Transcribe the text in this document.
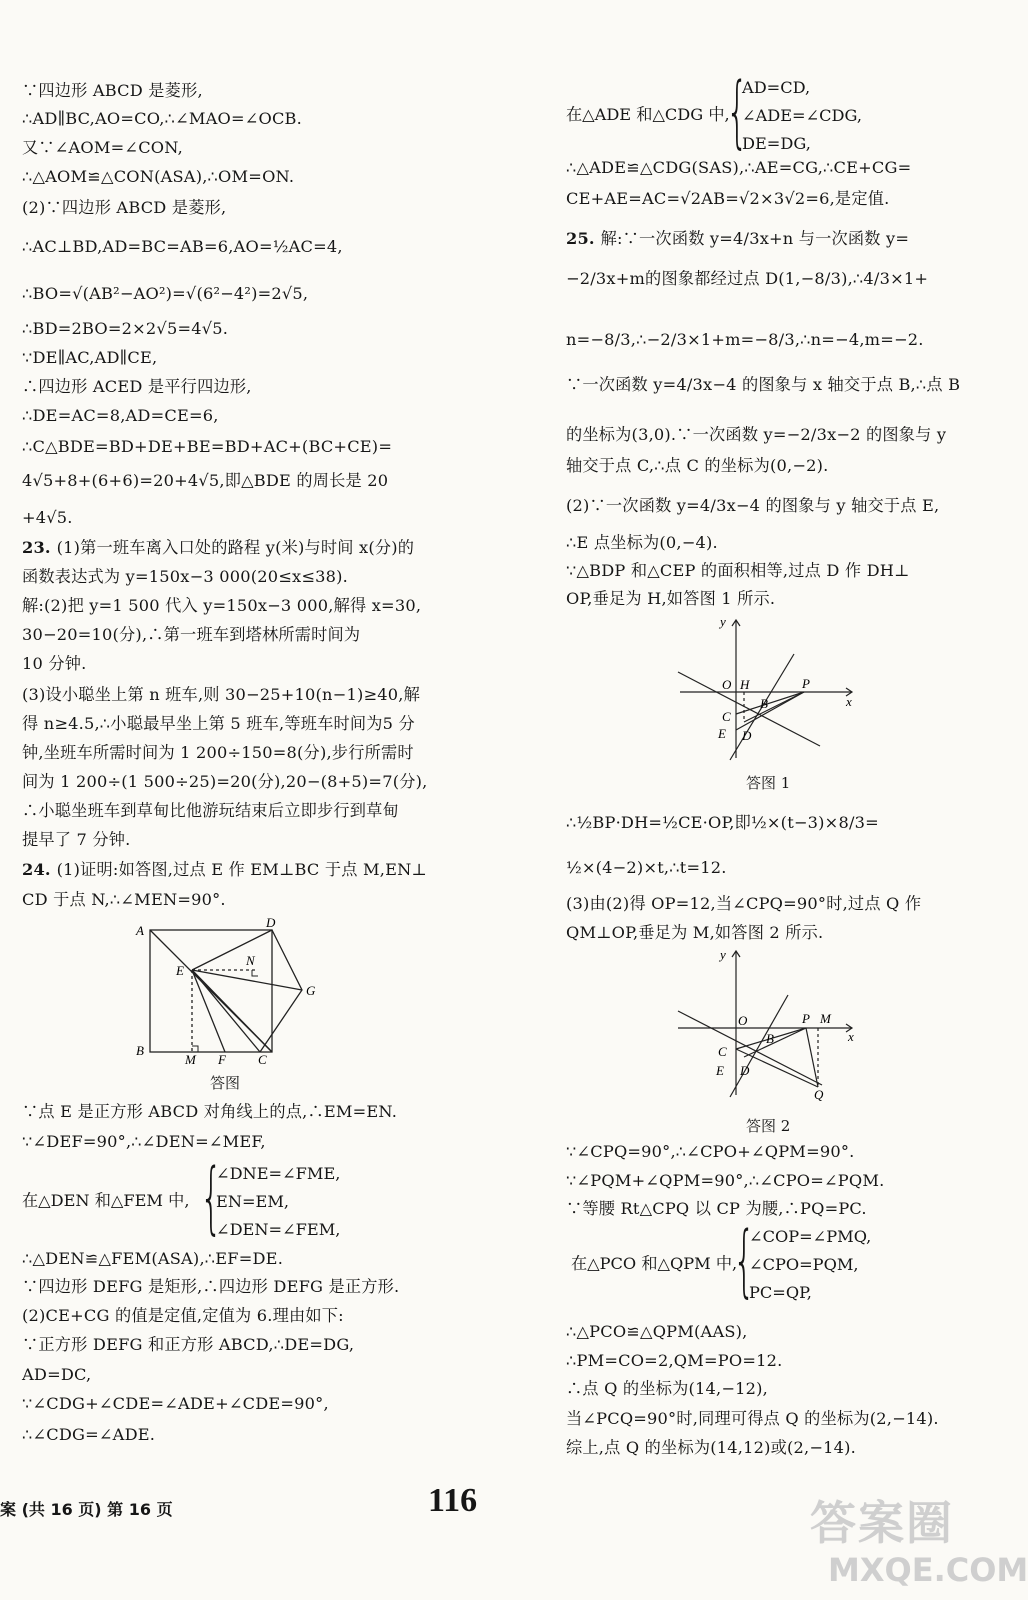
∵四边形 ABCD 是菱形,
∴AD∥BC,AO=CO,∴∠MAO=∠OCB.
又∵∠AOM=∠CON,
∴△AOM≌△CON(ASA),∴OM=ON.
(2)∵四边形 ABCD 是菱形,
∴AC⊥BD,AD=BC=AB=6,AO=½AC=4,
∴BO=√(AB²−AO²)=√(6²−4²)=2√5,
∴BD=2BO=2×2√5=4√5.
∵DE∥AC,AD∥CE,
∴四边形 ACED 是平行四边形,
∴DE=AC=8,AD=CE=6,
∴C△BDE=BD+DE+BE=BD+AC+(BC+CE)=
4√5+8+(6+6)=20+4√5,即△BDE 的周长是 20
+4√5.
23. (1)第一班车离入口处的路程 y(米)与时间 x(分)的
函数表达式为 y=150x−3 000(20≤x≤38).
解:(2)把 y=1 500 代入 y=150x−3 000,解得 x=30,
30−20=10(分),∴第一班车到塔林所需时间为
10 分钟.
(3)设小聪坐上第 n 班车,则 30−25+10(n−1)≥40,解
得 n≥4.5,∴小聪最早坐上第 5 班车,等班车时间为5 分
钟,坐班车所需时间为 1 200÷150=8(分),步行所需时
间为 1 200÷(1 500÷25)=20(分),20−(8+5)=7(分),
∴小聪坐班车到草甸比他游玩结束后立即步行到草甸
提早了 7 分钟.
24. (1)证明:如答图,过点 E 作 EM⊥BC 于点 M,EN⊥
CD 于点 N,∴∠MEN=90°.
∵点 E 是正方形 ABCD 对角线上的点,∴EM=EN.
∵∠DEF=90°,∴∠DEN=∠MEF,
∴△DEN≌△FEM(ASA),∴EF=DE.
∵四边形 DEFG 是矩形,∴四边形 DEFG 是正方形.
(2)CE+CG 的值是定值,定值为 6.理由如下:
∵正方形 DEFG 和正方形 ABCD,∴DE=DG,
AD=DC,
∵∠CDG+∠CDE=∠ADE+∠CDE=90°,
∴∠CDG=∠ADE.
∴△ADE≌△CDG(SAS),∴AE=CG,∴CE+CG=
CE+AE=AC=√2AB=√2×3√2=6,是定值.
25. 解:∵一次函数 y=4/3x+n 与一次函数 y=
−2/3x+m的图象都经过点 D(1,−8/3),∴4/3×1+
n=−8/3,∴−2/3×1+m=−8/3,∴n=−4,m=−2.
∵一次函数 y=4/3x−4 的图象与 x 轴交于点 B,∴点 B
的坐标为(3,0).∵一次函数 y=−2/3x−2 的图象与 y
轴交于点 C,∴点 C 的坐标为(0,−2).
(2)∵一次函数 y=4/3x−4 的图象与 y 轴交于点 E,
∴E 点坐标为(0,−4).
∵△BDP 和△CEP 的面积相等,过点 D 作 DH⊥
OP,垂足为 H,如答图 1 所示.
∴½BP·DH=½CE·OP,即½×(t−3)×8/3=
½×(4−2)×t,∴t=12.
(3)由(2)得 OP=12,当∠CPQ=90°时,过点 Q 作
QM⊥OP,垂足为 M,如答图 2 所示.
∵∠CPQ=90°,∴∠CPO+∠QPM=90°.
∵∠PQM+∠QPM=90°,∴∠CPO=∠PQM.
∵等腰 Rt△CPQ 以 CP 为腰,∴PQ=PC.
∴△PCO≌△QPM(AAS),
∴PM=CO=2,QM=PO=12.
∴点 Q 的坐标为(14,−12),
当∠PCQ=90°时,同理可得点 Q 的坐标为(2,−14).
综上,点 Q 的坐标为(14,12)或(2,−14).
在△DEN 和△FEM 中, {
∠DNE=∠FME,
EN=EM,
∠DEN=∠FEM,
在△ADE 和△CDG 中,
{
AD=CD,
∠ADE=∠CDG,
DE=DG,
在△PCO 和△QPM 中,
{
∠COP=∠PMQ,
∠CPO=PQM,
PC=QP,
A
D
E
N
G
B
M F C
y
O H	P
x
B
C
E D
答图 1
y
O	P M
x
B
C
E D
Q
答图 2
答图
案 (共 16 页) 第 16 页	116	答案圈
MXQE.COM
